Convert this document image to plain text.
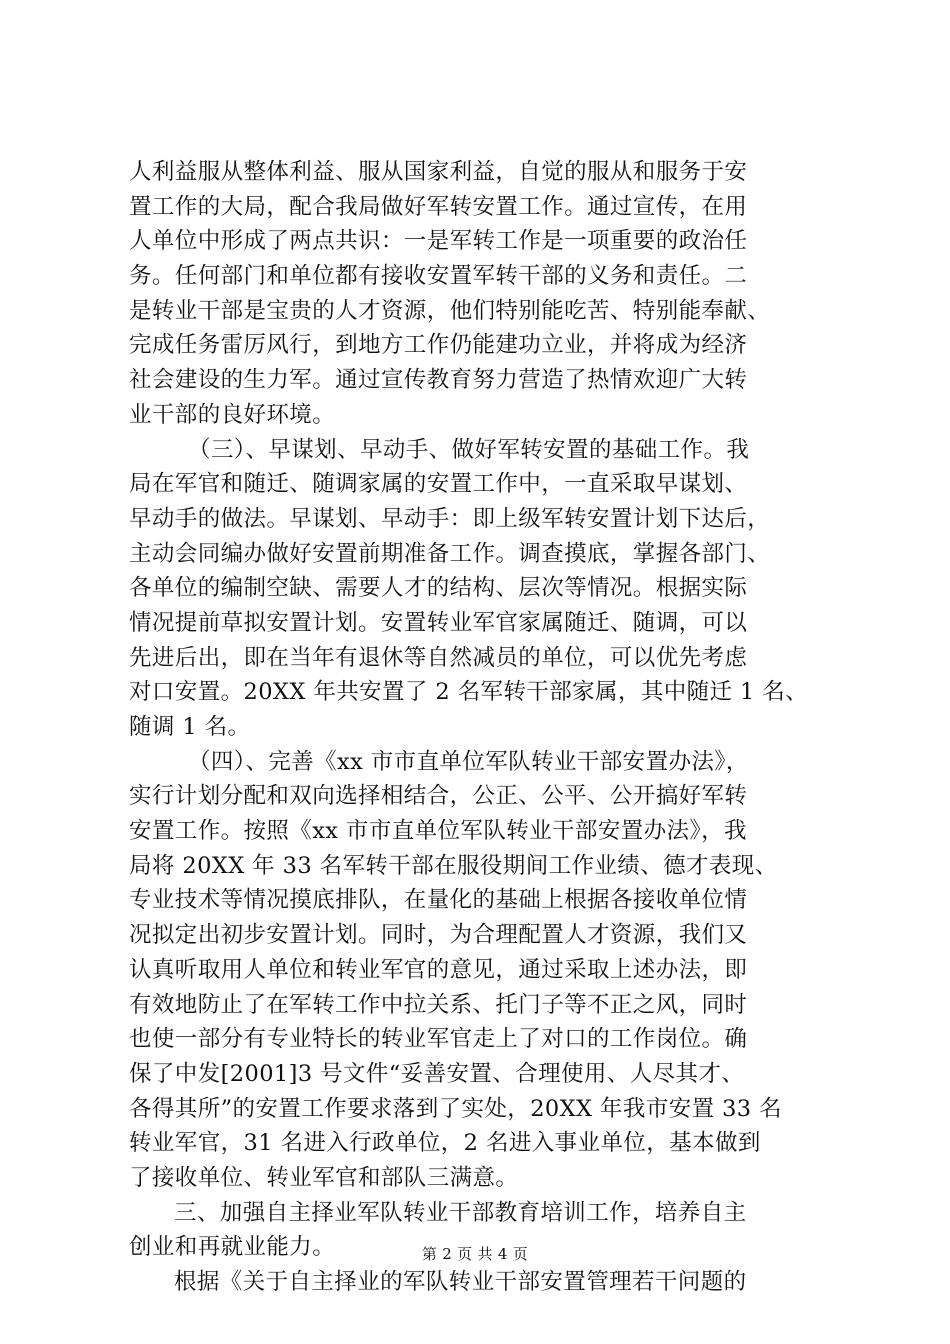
人利益服从整体利益、服从国家利益，自觉的服从和服务于安
置工作的大局，配合我局做好军转安置工作。通过宣传，在用
人单位中形成了两点共识：一是军转工作是一项重要的政治任
务。任何部门和单位都有接收安置军转干部的义务和责任。二
是转业干部是宝贵的人才资源，他们特别能吃苦、特别能奉献、
完成任务雷厉风行，到地方工作仍能建功立业，并将成为经济
社会建设的生力军。通过宣传教育努力营造了热情欢迎广大转
业干部的良好环境。
（三）、早谋划、早动手、做好军转安置的基础工作。我
局在军官和随迁、随调家属的安置工作中，一直采取早谋划、
早动手的做法。早谋划、早动手：即上级军转安置计划下达后，
主动会同编办做好安置前期准备工作。调查摸底，掌握各部门、
各单位的编制空缺、需要人才的结构、层次等情况。根据实际
情况提前草拟安置计划。安置转业军官家属随迁、随调，可以
先进后出，即在当年有退休等自然减员的单位，可以优先考虑
对口安置。20XX 年共安置了 2 名军转干部家属，其中随迁 1 名、
随调 1 名。
（四）、完善《xx 市市直单位军队转业干部安置办法》，
实行计划分配和双向选择相结合，公正、公平、公开搞好军转
安置工作。按照《xx 市市直单位军队转业干部安置办法》，我
局将 20XX 年 33 名军转干部在服役期间工作业绩、德才表现、
专业技术等情况摸底排队，在量化的基础上根据各接收单位情
况拟定出初步安置计划。同时，为合理配置人才资源，我们又
认真听取用人单位和转业军官的意见，通过采取上述办法，即
有效地防止了在军转工作中拉关系、托门子等不正之风，同时
也使一部分有专业特长的转业军官走上了对口的工作岗位。确
保了中发[2001]3 号文件“妥善安置、合理使用、人尽其才、
各得其所”的安置工作要求落到了实处，20XX 年我市安置 33 名
转业军官，31 名进入行政单位，2 名进入事业单位，基本做到
了接收单位、转业军官和部队三满意。
三、加强自主择业军队转业干部教育培训工作，培养自主
创业和再就业能力。
根据《关于自主择业的军队转业干部安置管理若干问题的
第 2 页 共 4 页
